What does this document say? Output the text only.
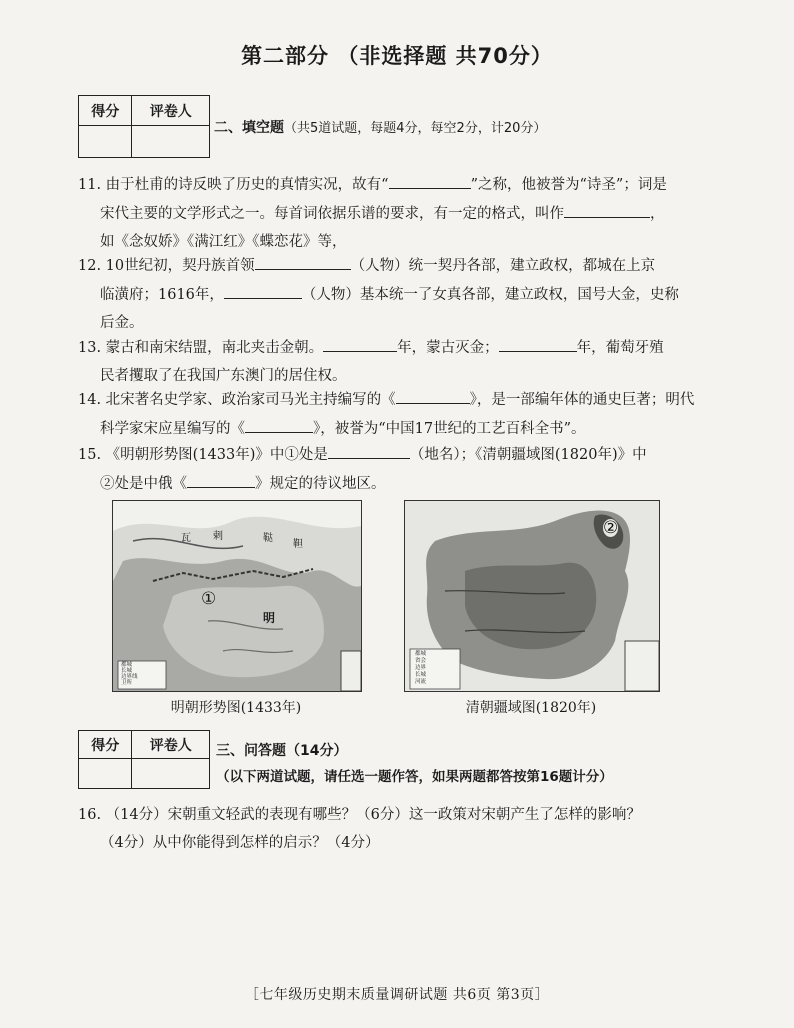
第二部分 （非选择题 共70分）
得分	评卷人

二、填空题（共5道试题，每题4分，每空2分，计20分）
11. 由于杜甫的诗反映了历史的真情实况，故有“	”之称，他被誉为“诗圣”；词是
宋代主要的文学形式之一。每首词依据乐谱的要求，有一定的格式，叫作	，
如《念奴娇》《满江红》《蝶恋花》等，
12. 10世纪初，契丹族首领	（人物）统一契丹各部，建立政权，都城在上京
临潢府；1616年，	（人物）基本统一了女真各部，建立政权，国号大金，史称
后金。
13. 蒙古和南宋结盟，南北夹击金朝。	年，蒙古灭金；	年，葡萄牙殖
民者攫取了在我国广东澳门的居住权。
14. 北宋著名史学家、政治家司马光主持编写的《	》，是一部编年体的通史巨著；明代
科学家宋应星编写的《	》，被誉为“中国17世纪的工艺百科全书”。
15. 《明朝形势图(1433年)》中①处是	（地名）；《清朝疆域图(1820年)》中
②处是中俄《	》规定的待议地区。
瓦 剌	鞑
靼
明
①
都城
长城
边界线
卫所
明朝形势图(1433年)
②
都城
省会
边界
长城
河流
清朝疆域图(1820年)
得分	评卷人
	三、问答题（14分）
（以下两道试题，请任选一题作答，如果两题都答按第16题计分）
16. （14分）宋朝重文轻武的表现有哪些？（6分）这一政策对宋朝产生了怎样的影响？
（4分）从中你能得到怎样的启示？（4分）
［七年级历史期末质量调研试题 共6页 第3页］
